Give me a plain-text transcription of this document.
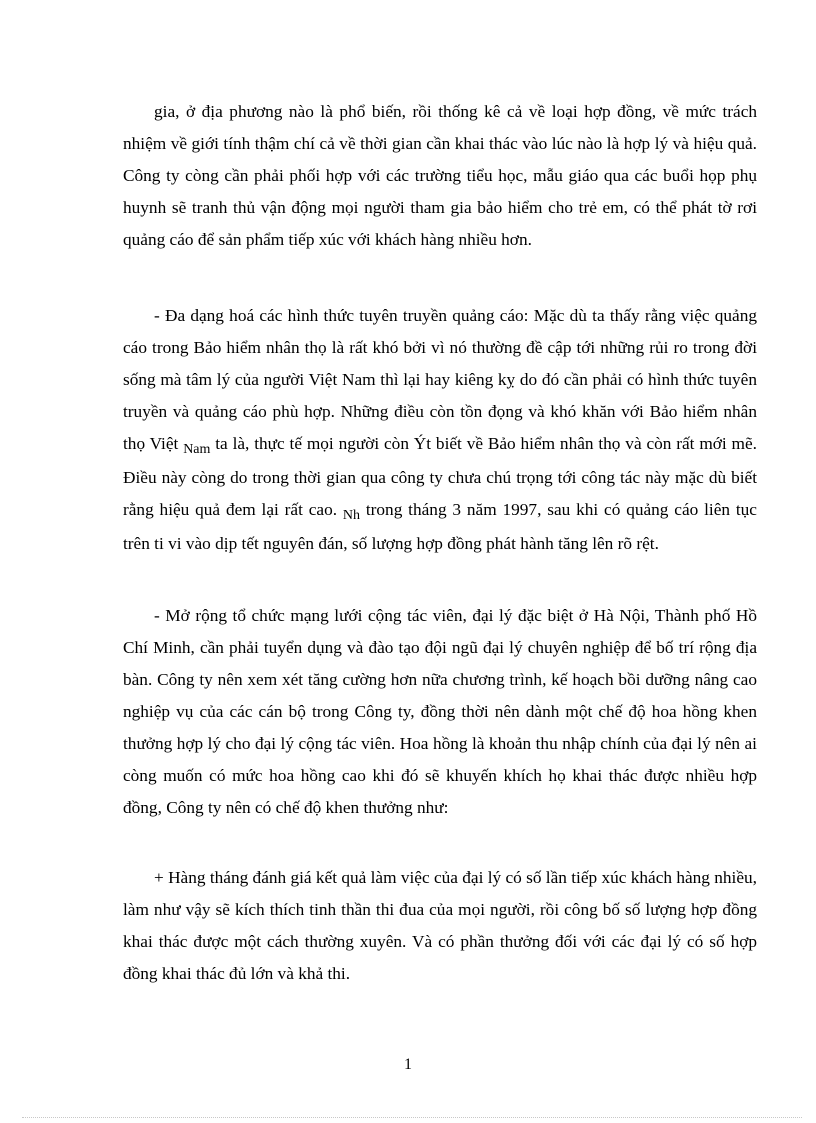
gia, ở địa phương nào là phổ biến, rồi thống kê cả về loại hợp đồng, về mức trách nhiệm về giới tính thậm chí cả về thời gian cần khai thác vào lúc nào là hợp lý và hiệu quả. Công ty còng cần phải phối hợp với các trường tiểu học, mẫu giáo qua các buổi họp phụ huynh sẽ tranh thủ vận động mọi người tham gia bảo hiểm cho trẻ em, có thể phát tờ rơi quảng cáo để sản phẩm tiếp xúc với khách hàng nhiều hơn.

- Đa dạng hoá các hình thức tuyên truyền quảng cáo: Mặc dù ta thấy rằng việc quảng cáo trong Bảo hiểm nhân thọ là rất khó bởi vì nó thường đề cập tới những rủi ro trong đời sống mà tâm lý của người Việt Nam thì lại hay kiêng kỵ do đó cần phải có hình thức tuyên truyền và quảng cáo phù hợp. Những điều còn tồn đọng và khó khăn với Bảo hiểm nhân thọ Việt $_{Nam}$ ta là, thực tế mọi người còn Ýt biết về Bảo hiểm nhân thọ và còn rất mới mẽ. Điều này còng do trong thời gian qua công ty chưa chú trọng tới công tác này mặc dù biết rằng hiệu quả đem lại rất cao. $_{Nh}$ trong tháng 3 năm 1997, sau khi có quảng cáo liên tục trên ti vi vào dịp tết nguyên đán, số lượng hợp đồng phát hành tăng lên rõ rệt.

- Mở rộng tổ chức mạng lưới cộng tác viên, đại lý đặc biệt ở Hà Nội, Thành phố Hồ Chí Minh, cần phải tuyển dụng và đào tạo đội ngũ đại lý chuyên nghiệp để bố trí rộng địa bàn. Công ty nên xem xét tăng cường hơn nữa chương trình, kế hoạch bồi dưỡng nâng cao nghiệp vụ của các cán bộ trong Công ty, đồng thời nên dành một chế độ hoa hồng khen thưởng hợp lý cho đại lý cộng tác viên. Hoa hồng là khoản thu nhập chính của đại lý nên ai còng muốn có mức hoa hồng cao khi đó sẽ khuyến khích họ khai thác được nhiều hợp đồng, Công ty nên có chế độ khen thưởng như:

+ Hàng tháng đánh giá kết quả làm việc của đại lý có số lần tiếp xúc khách hàng nhiều, làm như vậy sẽ kích thích tinh thần thi đua của mọi người, rồi công bố số lượng hợp đồng khai thác được một cách thường xuyên. Và có phần thưởng đối với các đại lý có số hợp đồng khai thác đủ lớn và khả thi.

1
